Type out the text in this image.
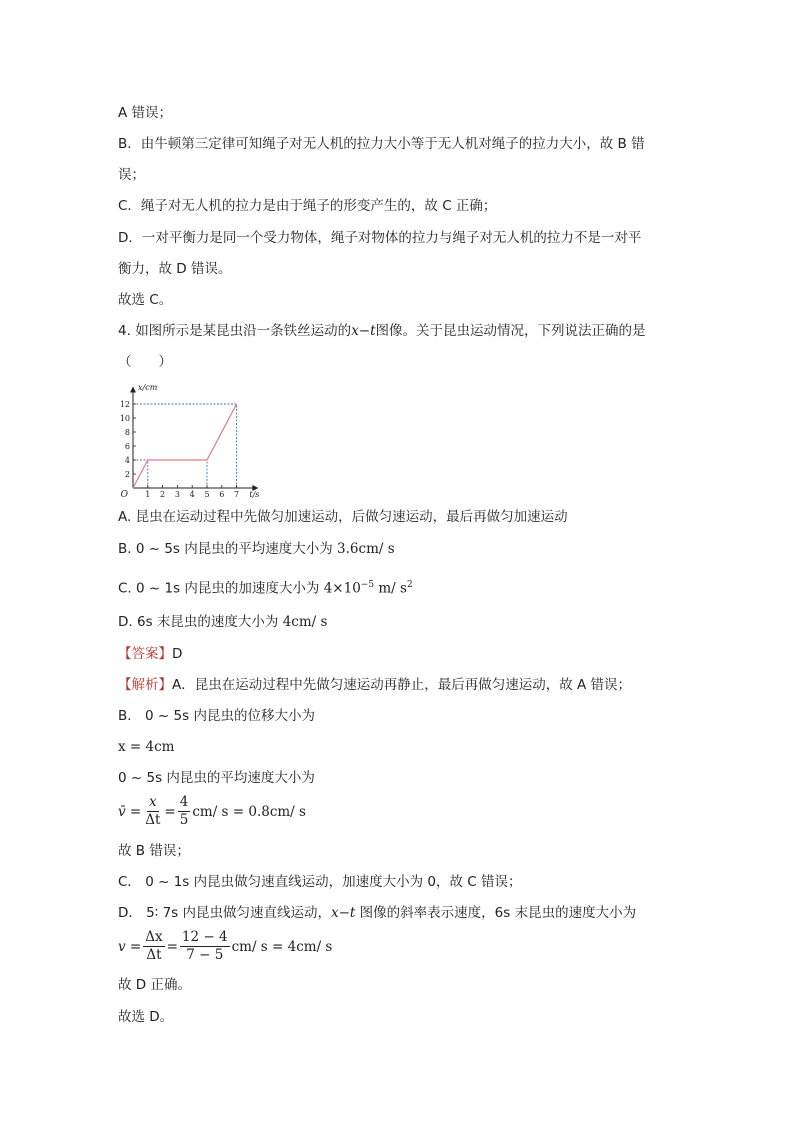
A 错误；
B．由牛顿第三定律可知绳子对无人机的拉力大小等于无人机对绳子的拉力大小，故 B 错
误；
C．绳子对无人机的拉力是由于绳子的形变产生的，故 C 正确；
D．一对平衡力是同一个受力物体，绳子对物体的拉力与绳子对无人机的拉力不是一对平
衡力，故 D 错误。
故选 C。
4. 如图所示是某昆虫沿一条铁丝运动的x−t图像。关于昆虫运动情况，下列说法正确的是
（　　）
1 2 3 4 5 6 7
2
4
6
8
10
12
O	t/s
x/cm
A. 昆虫在运动过程中先做匀加速运动，后做匀速运动，最后再做匀加速运动
B. 0 ~ 5s 内昆虫的平均速度大小为 3.6cm/ s
C. 0 ~ 1s 内昆虫的加速度大小为 $4\times 10^{-5}$ m/ $s^2$
D. 6s 末昆虫的速度大小为 4cm/ s
【答案】D
【解析】A．昆虫在运动过程中先做匀速运动再静止，最后再做匀速运动，故 A 错误；
B． 0 ~ 5s 内昆虫的位移大小为
x = 4cm
0 ~ 5s 内昆虫的平均速度大小为
v̄ = $\frac{x}{\Delta t} = \frac{4}{5} cm/$ s = 0.8cm/ s
故 B 错误；
C． 0 ~ 1s 内昆虫做匀速直线运动，加速度大小为 0，故 C 错误；
D． 5∶ 7s 内昆虫做匀速直线运动，x−t 图像的斜率表示速度，6s 末昆虫的速度大小为
$v = \frac{\Delta x}{\Delta t} = \frac{12 - 4}{7 - 5} cm/$ s = 4cm/ s
故 D 正确。
故选 D。
